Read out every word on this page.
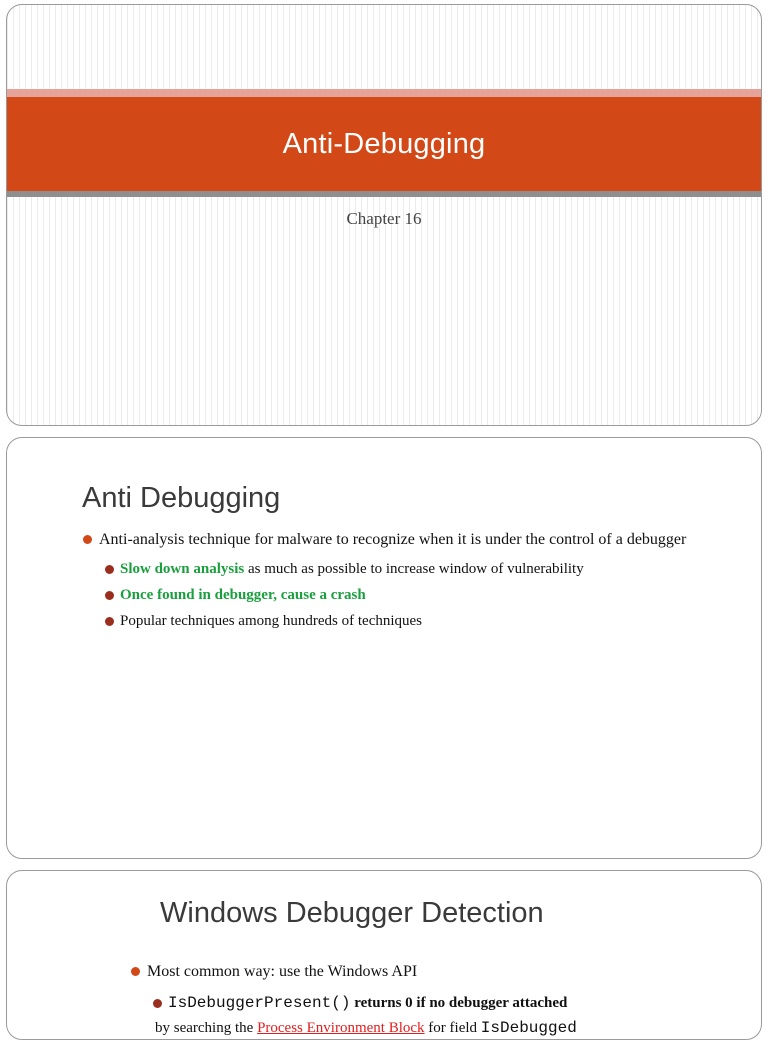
Anti-Debugging
Chapter 16
Anti Debugging
Anti-analysis technique for malware to recognize when it is under the control of a debugger
Slow down analysis as much as possible to increase window of vulnerability
Once found in debugger, cause a crash
Popular techniques among hundreds of techniques
Windows Debugger Detection
Most common way: use the Windows API
IsDebuggerPresent() returns 0 if no debugger attached
by searching the Process Environment Block for field IsDebugged
